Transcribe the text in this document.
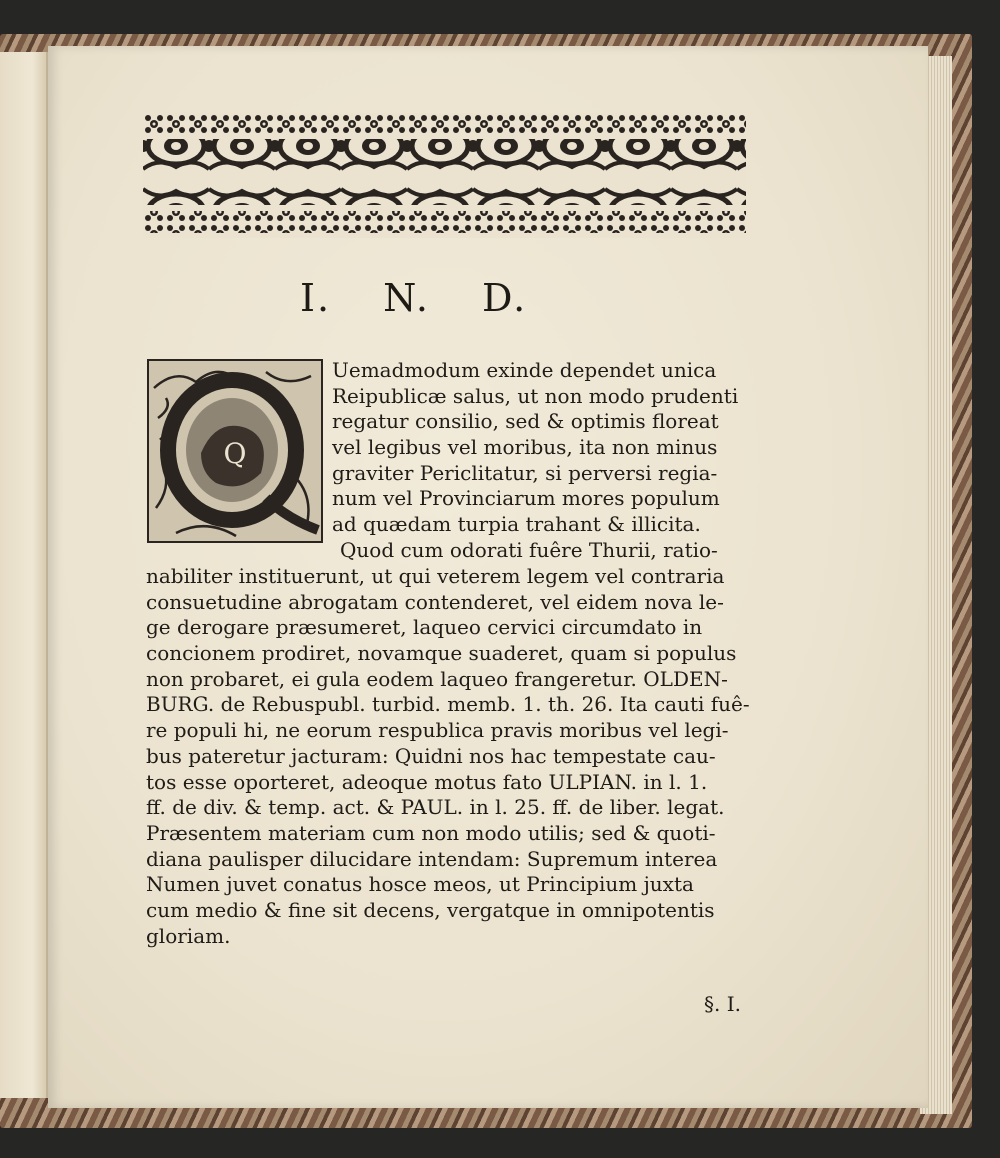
I. N. D.
Q
Uemadmodum exinde dependet unica
Reipublicæ salus, ut non modo prudenti
regatur consilio, sed & optimis floreat
vel legibus vel moribus, ita non minus
graviter Periclitatur, si perversi regia-
num vel Provinciarum mores populum
ad quædam turpia trahant & illicita.
Quod cum odorati fuêre Thurii, ratio-
nabiliter instituerunt, ut qui veterem legem vel contraria
consuetudine abrogatam contenderet, vel eidem nova le-
ge derogare præsumeret, laqueo cervici circumdato in
concionem prodiret, novamque suaderet, quam si populus
non probaret, ei gula eodem laqueo frangeretur. OLDEN-
BURG. de Rebuspubl. turbid. memb. 1. th. 26. Ita cauti fuê-
re populi hi, ne eorum respublica pravis moribus vel legi-
bus pateretur jacturam: Quidni nos hac tempestate cau-
tos esse oporteret, adeoque motus fato ULPIAN. in l. 1.
ff. de div. & temp. act. & PAUL. in l. 25. ff. de liber. legat.
Præsentem materiam cum non modo utilis; sed & quoti-
diana paulisper dilucidare intendam: Supremum interea
Numen juvet conatus hosce meos, ut Principium juxta
cum medio & fine sit decens, vergatque in omnipotentis
gloriam.
§. I.
